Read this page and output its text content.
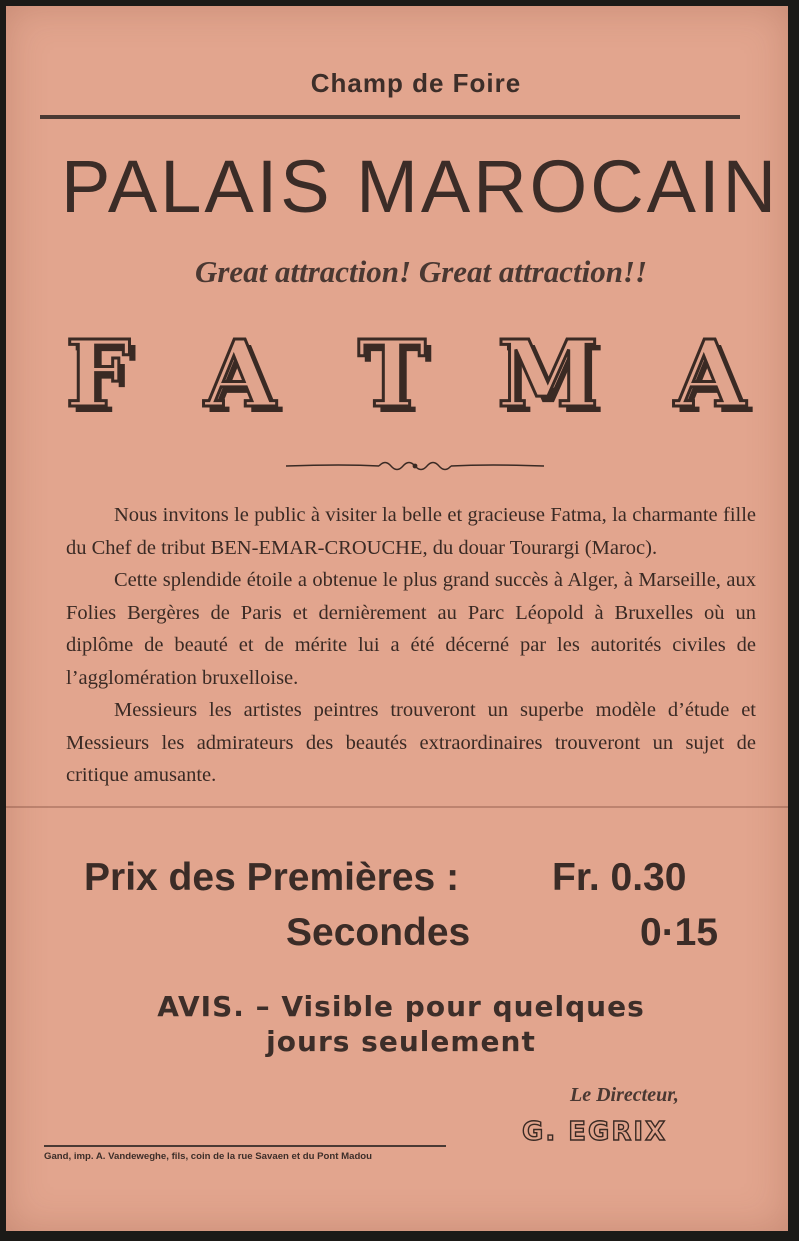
Champ de Foire
PALAIS MAROCAIN
Great attraction! Great attraction!!
F A T M A

Nous invitons le public à visiter la belle et gracieuse Fatma, la charmante fille du Chef de tribut BEN-EMAR-CROUCHE, du douar Tourargi (Maroc).

Cette splendide étoile a obtenue le plus grand succès à Alger, à Marseille, aux Folies Bergères de Paris et dernièrement au Parc Léopold à Bruxelles où un diplôme de beauté et de mérite lui a été décerné par les autorités civiles de l’agglomération bruxelloise.

Messieurs les artistes peintres trouveront un superbe modèle d’étude et Messieurs les admirateurs des beautés extraordinaires trouveront un sujet de critique amusante.

Prix des Premières : Fr. 0.30
Secondes	0·15
AVIS. – Visible pour quelques
jours seulement
Le Directeur,
G. EGRIX
Gand, imp. A. Vandeweghe, fils, coin de la rue Savaen et du Pont Madou
